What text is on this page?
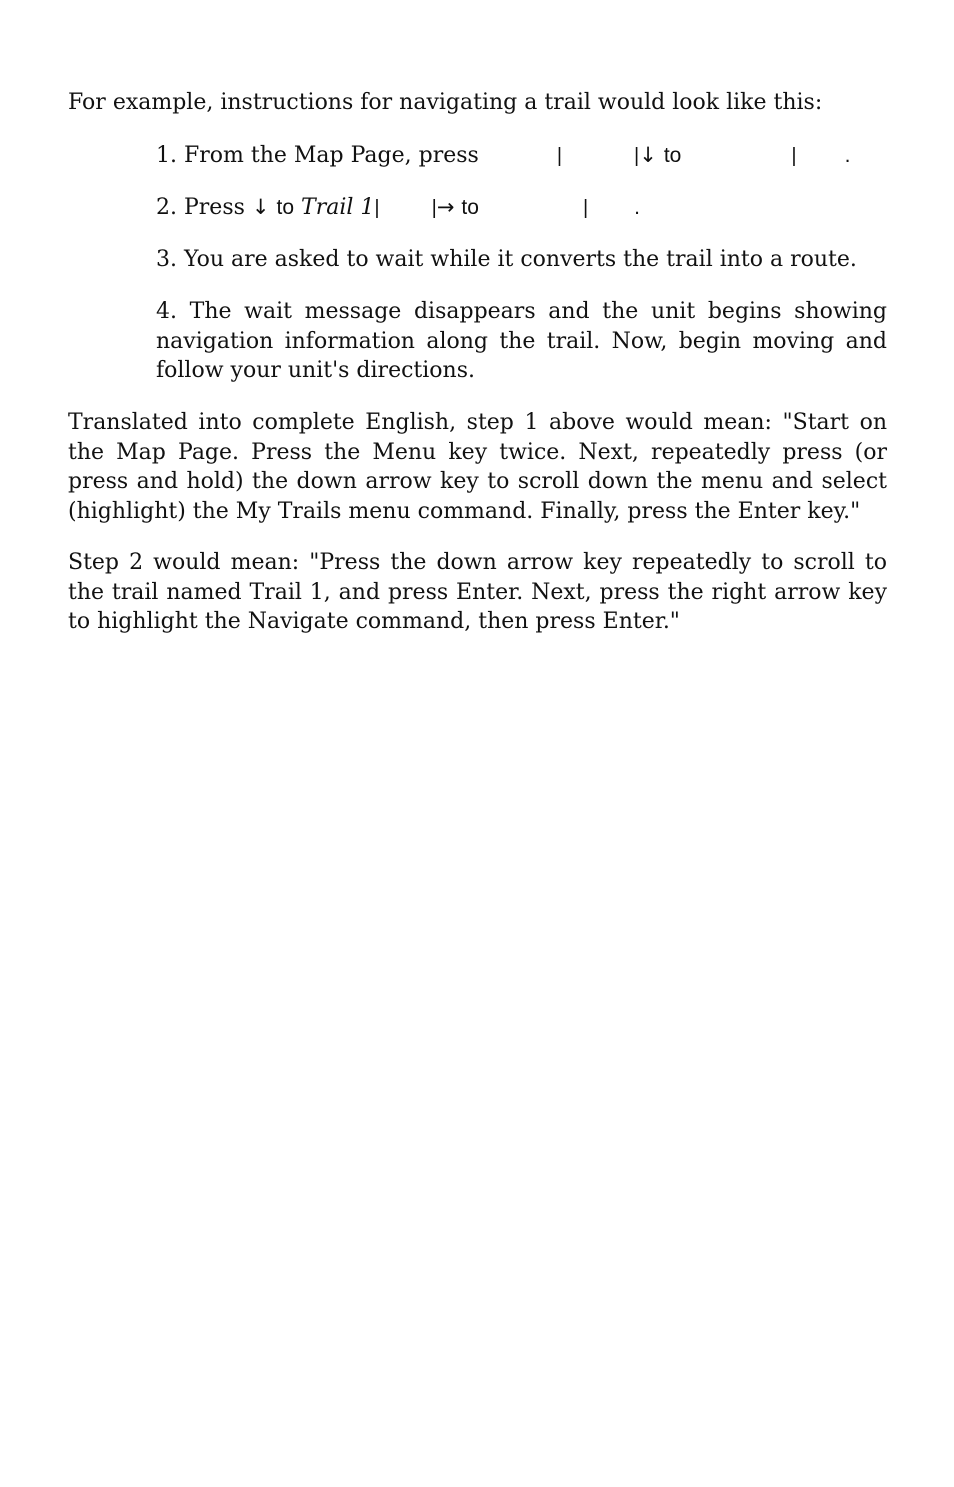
For example, instructions for navigating a trail would look like this:

1. From the Map Page, press	|	|↓ to	| .

2. Press ↓ to Trail 1|	|→ to	| .

3. You are asked to wait while it converts the trail into a route.

4. The wait message disappears and the unit begins showing navigation information along the trail. Now, begin moving and follow your unit's directions.

Translated into complete English, step 1 above would mean: "Start on the Map Page. Press the Menu key twice. Next, repeatedly press (or press and hold) the down arrow key to scroll down the menu and select (highlight) the My Trails menu command. Finally, press the Enter key."

Step 2 would mean: "Press the down arrow key repeatedly to scroll to the trail named Trail 1, and press Enter. Next, press the right arrow key to highlight the Navigate command, then press Enter."
